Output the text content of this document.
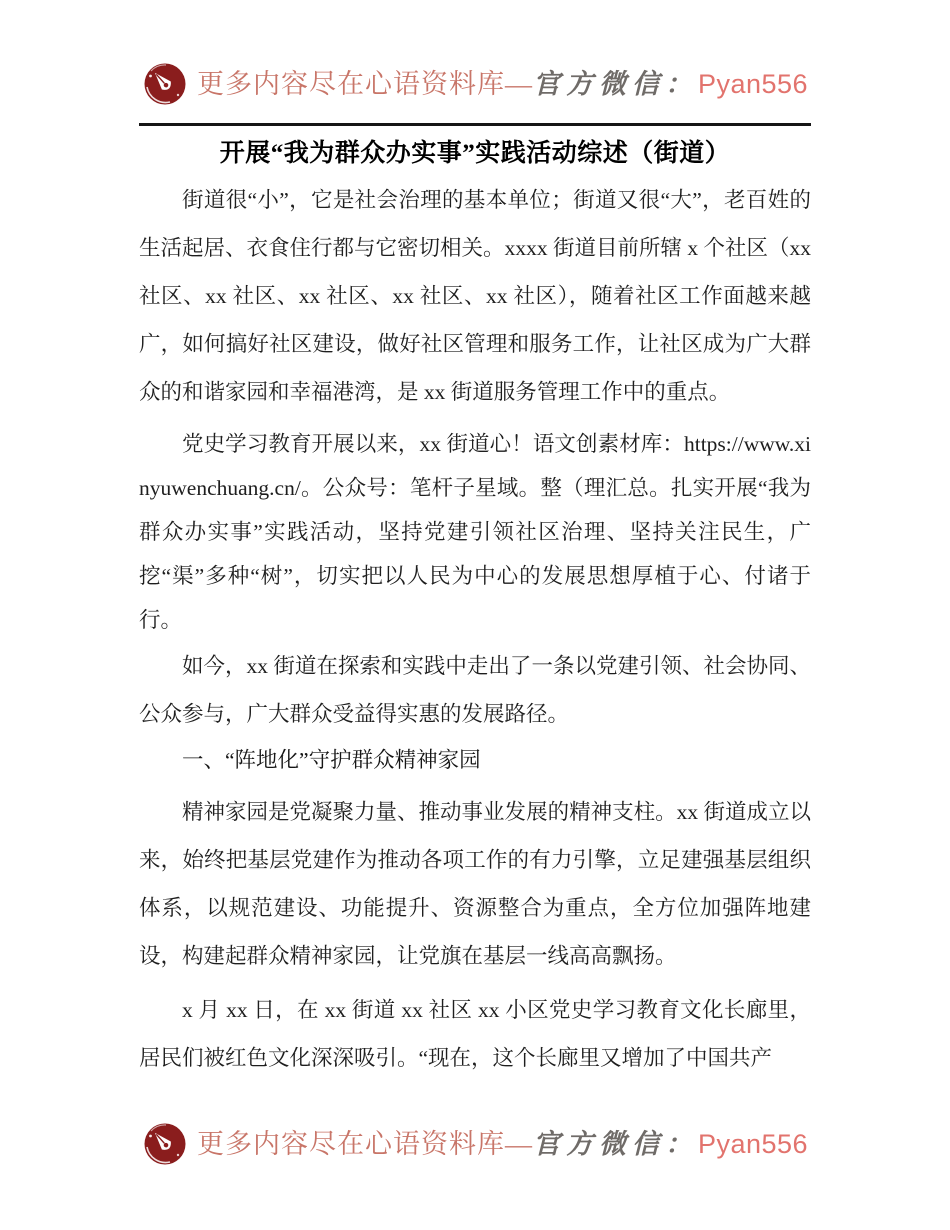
更多内容尽在心语资料库—官方微信：Pyan556
开展“我为群众办实事”实践活动综述（街道）

街道很“小”，它是社会治理的基本单位；街道又很“大”，老百姓的生活起居、衣食住行都与它密切相关。xxxx 街道目前所辖 x 个社区（xx 社区、xx 社区、xx 社区、xx 社区、xx 社区），随着社区工作面越来越广，如何搞好社区建设，做好社区管理和服务工作，让社区成为广大群众的和谐家园和幸福港湾，是 xx 街道服务管理工作中的重点。

党史学习教育开展以来，xx 街道心！语文创素材库：https://www.xinyuwenchuang.cn/。公众号：笔杆子星域。整（理汇总。扎实开展“我为群众办实事”实践活动，坚持党建引领社区治理、坚持关注民生，广挖“渠”多种“树”，切实把以人民为中心的发展思想厚植于心、付诸于行。

如今，xx 街道在探索和实践中走出了一条以党建引领、社会协同、公众参与，广大群众受益得实惠的发展路径。

一、“阵地化”守护群众精神家园

精神家园是党凝聚力量、推动事业发展的精神支柱。xx 街道成立以来，始终把基层党建作为推动各项工作的有力引擎，立足建强基层组织体系，以规范建设、功能提升、资源整合为重点，全方位加强阵地建设，构建起群众精神家园，让党旗在基层一线高高飘扬。

x 月 xx 日，在 xx 街道 xx 社区 xx 小区党史学习教育文化长廊里，居民们被红色文化深深吸引。“现在，这个长廊里又增加了中国共产

更多内容尽在心语资料库—官方微信：Pyan556
